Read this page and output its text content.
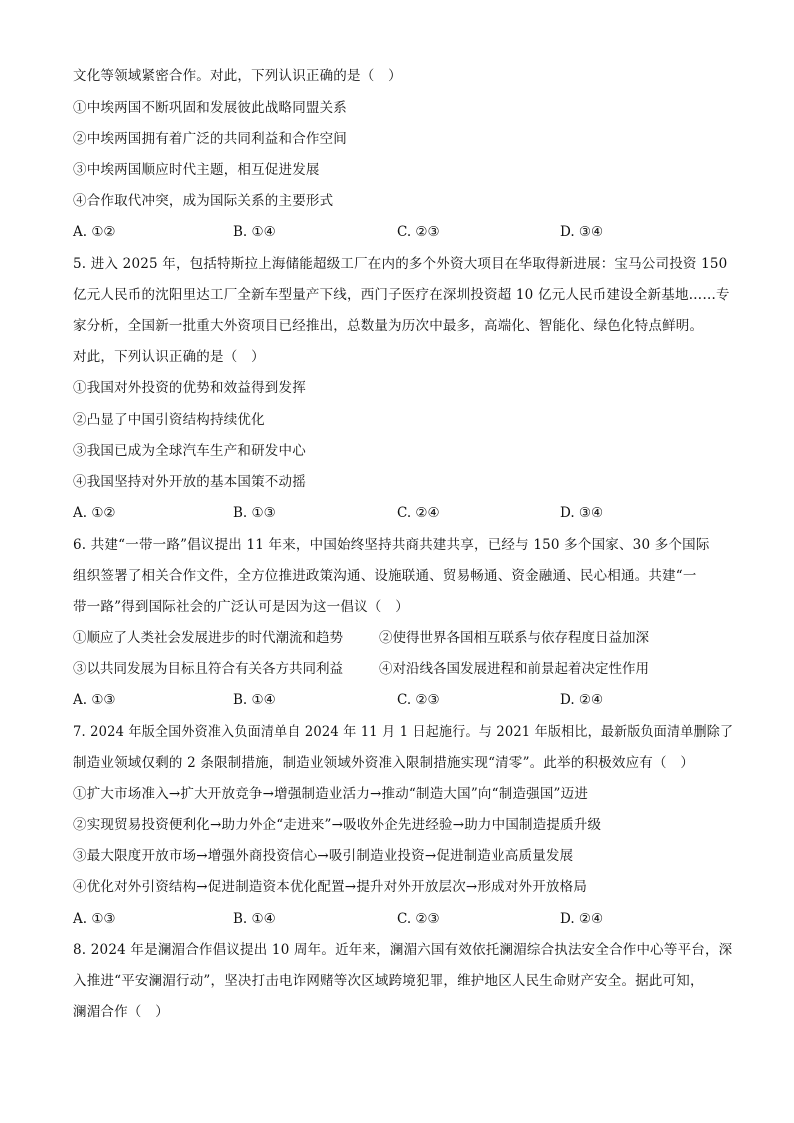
文化等领域紧密合作。对此，下列认识正确的是（　）
①中埃两国不断巩固和发展彼此战略同盟关系
②中埃两国拥有着广泛的共同利益和合作空间
③中埃两国顺应时代主题，相互促进发展
④合作取代冲突，成为国际关系的主要形式
A. ①②	B. ①④	C. ②③	D. ③④
5. 进入 2025 年，包括特斯拉上海储能超级工厂在内的多个外资大项目在华取得新进展：宝马公司投资 150
亿元人民币的沈阳里达工厂全新车型量产下线，西门子医疗在深圳投资超 10 亿元人民币建设全新基地……专
家分析，全国新一批重大外资项目已经推出，总数量为历次中最多，高端化、智能化、绿色化特点鲜明。
对此，下列认识正确的是（　）
①我国对外投资的优势和效益得到发挥
②凸显了中国引资结构持续优化
③我国已成为全球汽车生产和研发中心
④我国坚持对外开放的基本国策不动摇
A. ①②	B. ①③	C. ②④	D. ③④
6. 共建“一带一路”倡议提出 11 年来，中国始终坚持共商共建共享，已经与 150 多个国家、30 多个国际
组织签署了相关合作文件，全方位推进政策沟通、设施联通、贸易畅通、资金融通、民心相通。共建“一
带一路”得到国际社会的广泛认可是因为这一倡议（　）
①顺应了人类社会发展进步的时代潮流和趋势	②使得世界各国相互联系与依存程度日益加深
③以共同发展为目标且符合有关各方共同利益	④对沿线各国发展进程和前景起着决定性作用
A. ①③	B. ①④	C. ②③	D. ②④
7. 2024 年版全国外资准入负面清单自 2024 年 11 月 1 日起施行。与 2021 年版相比，最新版负面清单删除了
制造业领域仅剩的 2 条限制措施，制造业领域外资准入限制措施实现“清零”。此举的积极效应有（　）
①扩大市场准入→扩大开放竞争→增强制造业活力→推动“制造大国”向“制造强国”迈进
②实现贸易投资便利化→助力外企“走进来”→吸收外企先进经验→助力中国制造提质升级
③最大限度开放市场→增强外商投资信心→吸引制造业投资→促进制造业高质量发展
④优化对外引资结构→促进制造资本优化配置→提升对外开放层次→形成对外开放格局
A. ①③	B. ①④	C. ②③	D. ②④
8. 2024 年是澜湄合作倡议提出 10 周年。近年来，澜湄六国有效依托澜湄综合执法安全合作中心等平台，深
入推进“平安澜湄行动”，坚决打击电诈网赌等次区域跨境犯罪，维护地区人民生命财产安全。据此可知，
澜湄合作（　）
